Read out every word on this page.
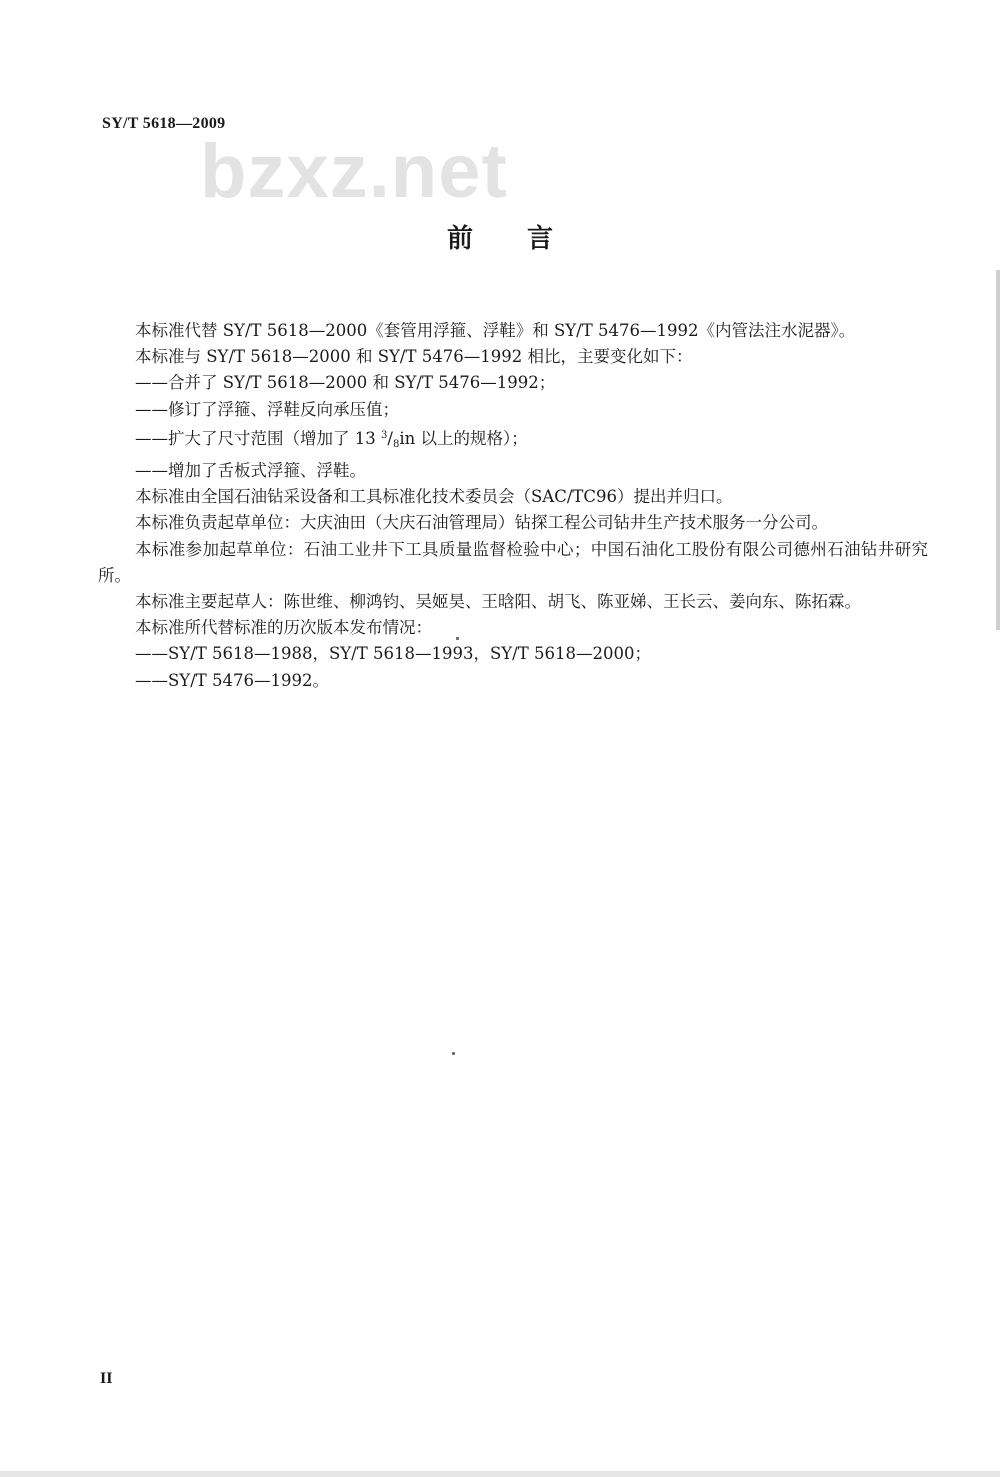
SY/T 5618—2009
bzxz.net
前 言

本标准代替 SY/T 5618—2000《套管用浮箍、浮鞋》和 SY/T 5476—1992《内管法注水泥器》。

本标准与 SY/T 5618—2000 和 SY/T 5476—1992 相比，主要变化如下：

——合并了 SY/T 5618—2000 和 SY/T 5476—1992；

——修订了浮箍、浮鞋反向承压值；

——扩大了尺寸范围（增加了 13 $^3/_8in$ 以上的规格）；

——增加了舌板式浮箍、浮鞋。

本标准由全国石油钻采设备和工具标准化技术委员会（SAC/TC96）提出并归口。

本标准负责起草单位：大庆油田（大庆石油管理局）钻探工程公司钻井生产技术服务一分公司。

本标准参加起草单位：石油工业井下工具质量监督检验中心；中国石油化工股份有限公司德州石油钻井研究所。

本标准主要起草人：陈世维、柳鸿钧、吴姬昊、王晗阳、胡飞、陈亚娣、王长云、姜向东、陈拓霖。

本标准所代替标准的历次版本发布情况：

——SY/T 5618—1988，SY/T 5618—1993，SY/T 5618—2000；

——SY/T 5476—1992。

II
